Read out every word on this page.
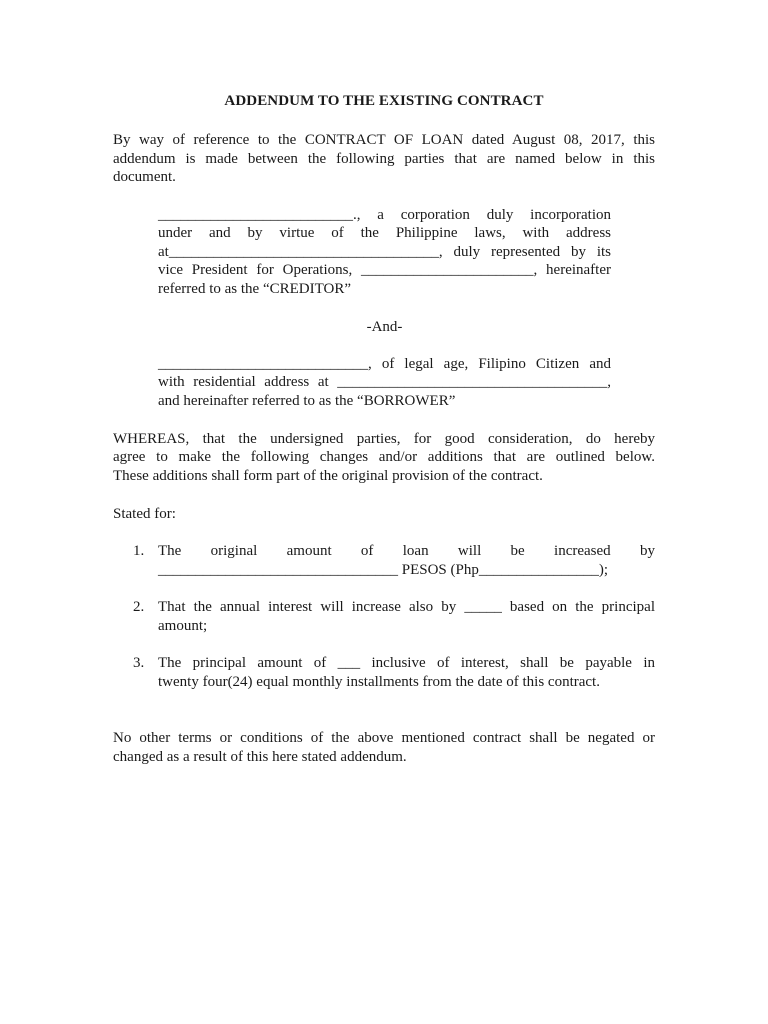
ADDENDUM TO THE EXISTING CONTRACT
By way of reference to the CONTRACT OF LOAN dated August 08, 2017, this
addendum is made between the following parties that are named below in this
document.
__________________________., a corporation duly incorporation
under and by virtue of the Philippine laws, with address
at____________________________________, duly represented by its
vice President for Operations, _______________________, hereinafter
referred to as the “CREDITOR”
-And-
____________________________, of legal age, Filipino Citizen and
with residential address at ____________________________________,
and hereinafter referred to as the “BORROWER”
WHEREAS, that the undersigned parties, for good consideration, do hereby
agree to make the following changes and/or additions that are outlined below.
These additions shall form part of the original provision of the contract.
Stated for:
1. The original amount of loan will be increased by
________________________________ PESOS (Php________________);
2. That the annual interest will increase also by _____ based on the principal
amount;
3. The principal amount of ___ inclusive of interest, shall be payable in
twenty four(24) equal monthly installments from the date of this contract.
No other terms or conditions of the above mentioned contract shall be negated or
changed as a result of this here stated addendum.
